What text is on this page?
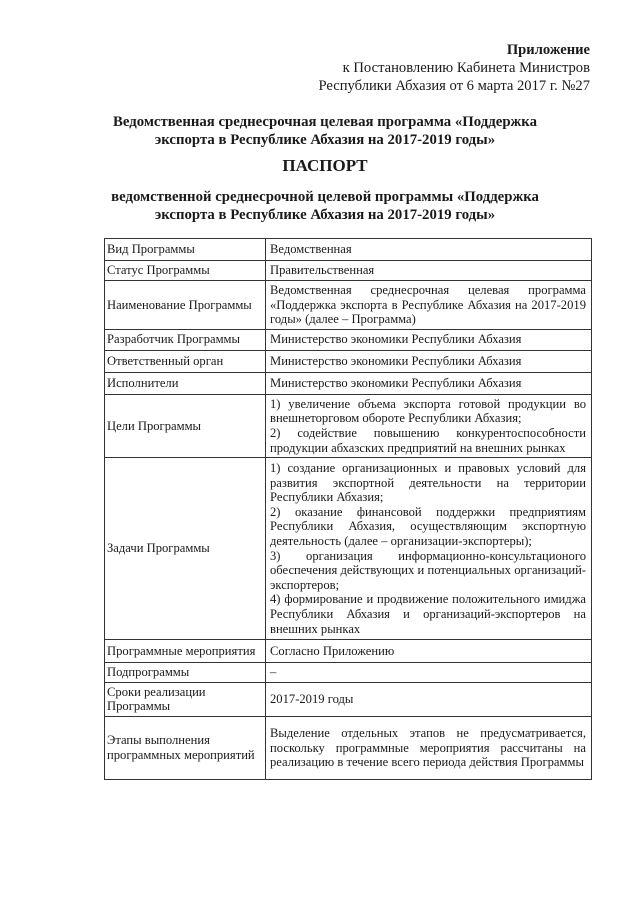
Приложение
к Постановлению Кабинета Министров
Республики Абхазия от 6 марта 2017 г. №27
Ведомственная среднесрочная целевая программа «Поддержка
экспорта в Республике Абхазия на 2017-2019 годы»
ПАСПОРТ
ведомственной среднесрочной целевой программы «Поддержка
экспорта в Республике Абхазия на 2017-2019 годы»
Вид Программы	Ведомственная

Статус Программы	Правительственная

Наименование Программы	Ведомственная среднесрочная целевая программа «Поддержка экспорта в Республике Абхазия на 2017-2019 годы» (далее – Программа)

Разработчик Программы	Министерство экономики Республики Абхазия

Ответственный орган	Министерство экономики Республики Абхазия

Исполнители	Министерство экономики Республики Абхазия

Цели Программы	1) увеличение объема экспорта готовой продукции во внешнеторговом обороте Республики Абхазия;
2) содействие повышению конкурентоспособности продукции абхазских предприятий на внешних рынках

Задачи Программы	1) создание организационных и правовых условий для развития экспортной деятельности на территории Республики Абхазия;
2) оказание финансовой поддержки предприятиям Республики Абхазия, осуществляющим экспортную деятельность (далее – организации-экспортеры);
3) организация информационно-консультационого обеспечения действующих и потенциальных организаций-экспортеров;
4) формирование и продвижение положительного имиджа Республики Абхазия и организаций-экспортеров на внешних рынках

Программные мероприятия	Согласно Приложению

Подпрограммы	–

Сроки реализации Программы	2017-2019 годы

Этапы выполнения программных мероприятий	Выделение отдельных этапов не предусматривается, поскольку программные мероприятия рассчитаны на реализацию в течение всего периода действия Программы
